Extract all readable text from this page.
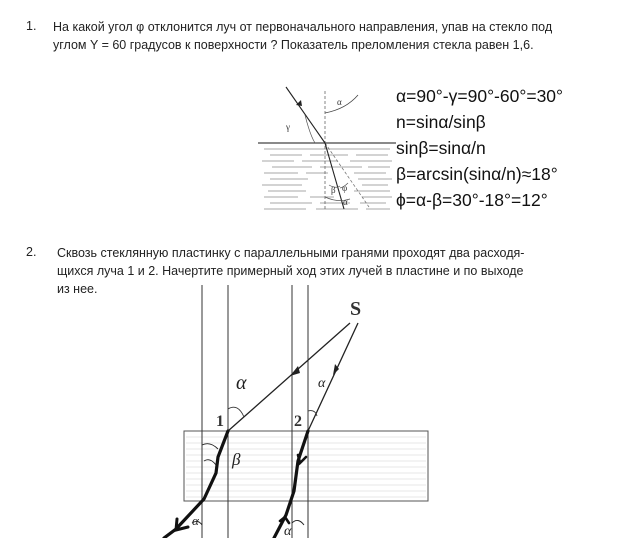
1. На какой угол φ отклонится луч от первоначального направления, упав на стекло под
углом Υ = 60 градусов к поверхности ? Показатель преломления стекла равен 1,6.
γ
α
β φ
α
α=90°-γ=90°-60°=30°
n=sinα/sinβ
sinβ=sinα/n
β=arcsin(sinα/n)≈18°
ϕ=α-β=30°-18°=12°
2. Сквозь стеклянную пластинку с параллельными гранями проходят два расходя-
щихся луча 1 и 2. Начертите примерный ход этих лучей в пластине и по выходе
из нее.
S
1	2
α	α
β
α
α
